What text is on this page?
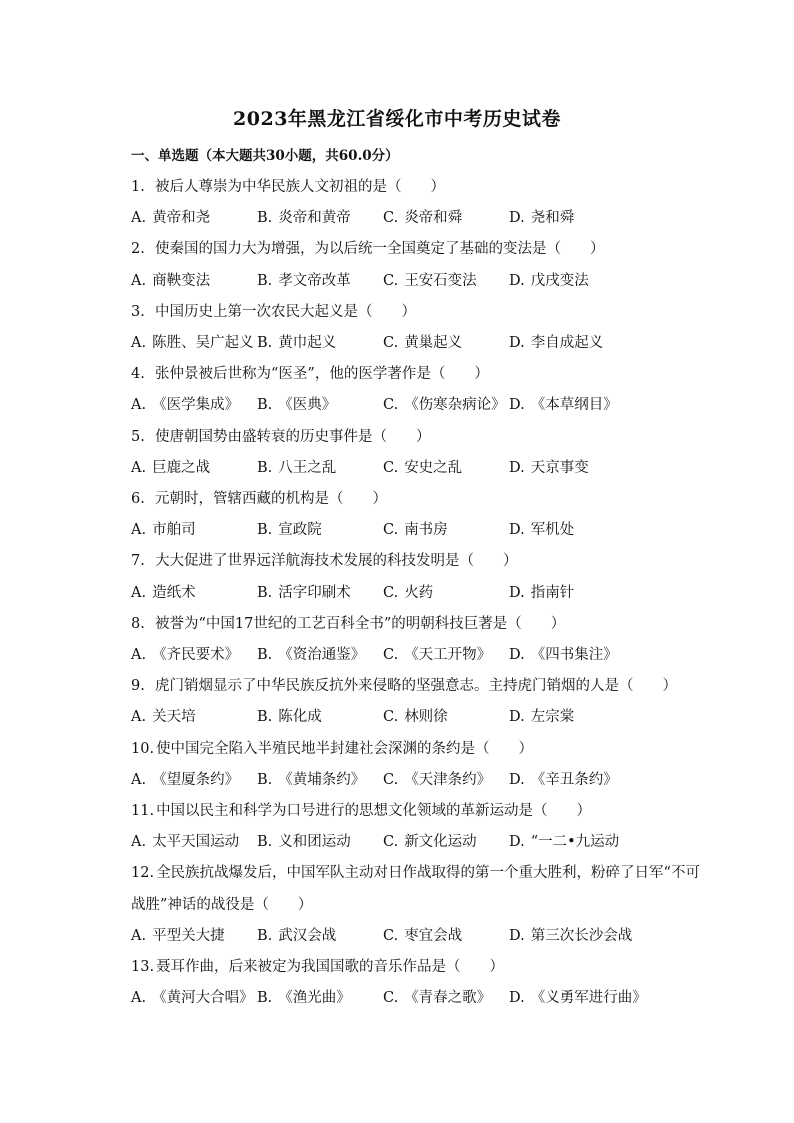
2023年黑龙江省绥化市中考历史试卷
一、单选题（本大题共30小题，共60.0分）
1. 被后人尊崇为中华民族人文初祖的是（　　）
A. 黄帝和尧	B. 炎帝和黄帝	C. 炎帝和舜	D. 尧和舜
2. 使秦国的国力大为增强，为以后统一全国奠定了基础的变法是（　　）
A. 商鞅变法	B. 孝文帝改革	C. 王安石变法	D. 戊戌变法
3. 中国历史上第一次农民大起义是（　　）
A. 陈胜、吴广起义 B. 黄巾起义	C. 黄巢起义	D. 李自成起义
4. 张仲景被后世称为“医圣”，他的医学著作是（　　）
A. 《医学集成》	B. 《医典》	C. 《伤寒杂病论》 D. 《本草纲目》
5. 使唐朝国势由盛转衰的历史事件是（　　）
A. 巨鹿之战	B. 八王之乱	C. 安史之乱	D. 天京事变
6. 元朝时，管辖西藏的机构是（　　）
A. 市舶司	B. 宣政院	C. 南书房	D. 军机处
7. 大大促进了世界远洋航海技术发展的科技发明是（　　）
A. 造纸术	B. 活字印刷术	C. 火药	D. 指南针
8. 被誉为“中国17世纪的工艺百科全书”的明朝科技巨著是（　　）
A. 《齐民要术》	B. 《资治通鉴》	C. 《天工开物》	D. 《四书集注》
9. 虎门销烟显示了中华民族反抗外来侵略的坚强意志。主持虎门销烟的人是（　　）
A. 关天培	B. 陈化成	C. 林则徐	D. 左宗棠
10. 使中国完全陷入半殖民地半封建社会深渊的条约是（　　）
A. 《望厦条约》	B. 《黄埔条约》	C. 《天津条约》	D. 《辛丑条约》
11. 中国以民主和科学为口号进行的思想文化领域的革新运动是（　　）
A. 太平天国运动	B. 义和团运动	C. 新文化运动	D. “一二•九运动
12. 全民族抗战爆发后，中国军队主动对日作战取得的第一个重大胜利，粉碎了日军“不可
战胜”神话的战役是（　　）
A. 平型关大捷	B. 武汉会战	C. 枣宜会战	D. 第三次长沙会战
13. 聂耳作曲，后来被定为我国国歌的音乐作品是（　　）
A. 《黄河大合唱》 B. 《渔光曲》	C. 《青春之歌》	D. 《义勇军进行曲》
